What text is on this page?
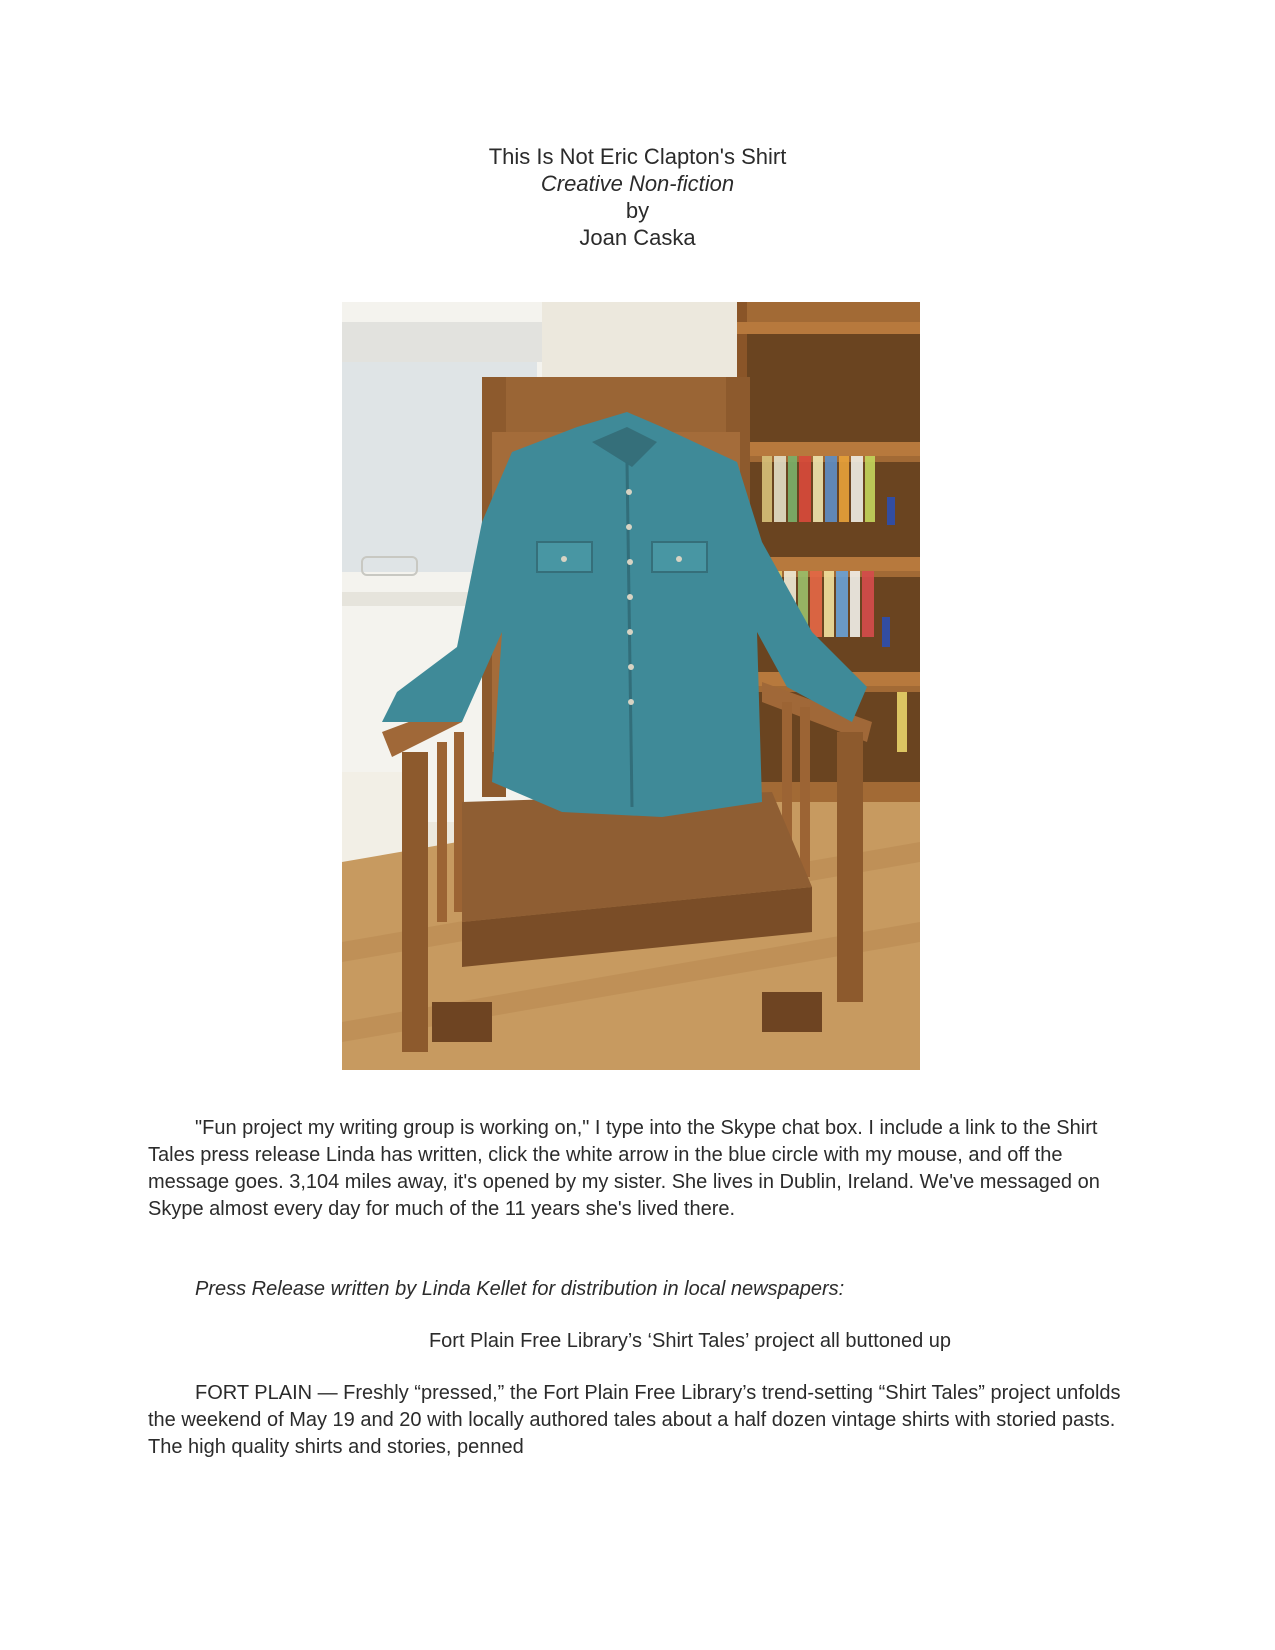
This Is Not Eric Clapton's Shirt
Creative Non-fiction
by
Joan Caska
"Fun project my writing group is working on," I type into the Skype chat box. I include a link to the Shirt Tales press release Linda has written, click the white arrow in the blue circle with my mouse, and off the message goes. 3,104 miles away, it's opened by my sister. She lives in Dublin, Ireland. We've messaged on Skype almost every day for much of the 11 years she's lived there.
Press Release written by Linda Kellet for distribution in local newspapers:
Fort Plain Free Library’s ‘Shirt Tales’ project all buttoned up
FORT PLAIN — Freshly “pressed,” the Fort Plain Free Library’s trend-setting “Shirt Tales” project unfolds the weekend of May 19 and 20 with locally authored tales about a half dozen vintage shirts with storied pasts. The high quality shirts and stories, penned
